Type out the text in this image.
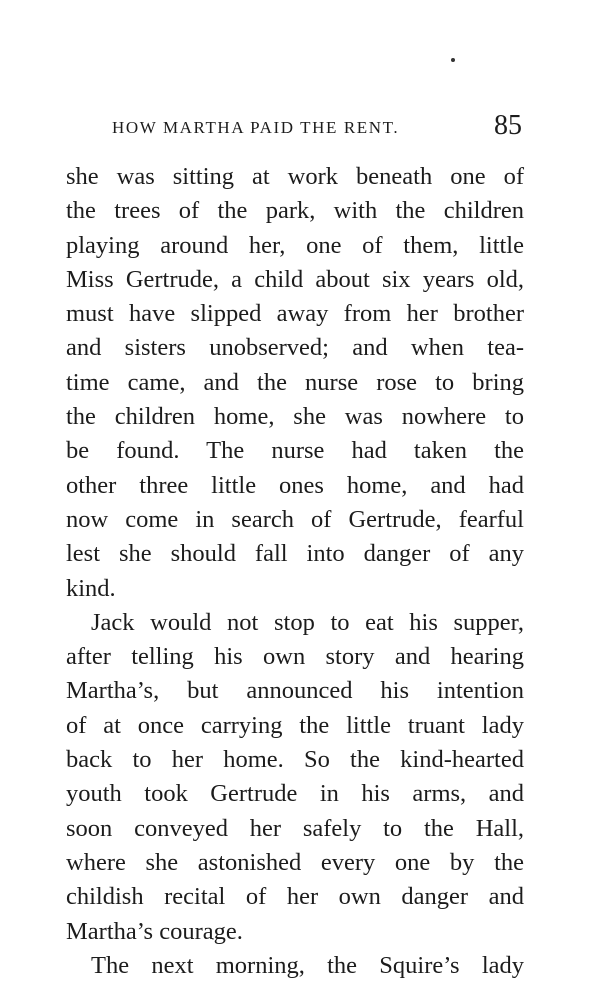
HOW MARTHA PAID THE RENT.	85
she was sitting at work beneath one of
the trees of the park, with the children
playing around her, one of them, little
Miss Gertrude, a child about six years old,
must have slipped away from her brother
and sisters unobserved; and when tea-
time came, and the nurse rose to bring
the children home, she was nowhere to
be found. The nurse had taken the
other three little ones home, and had
now come in search of Gertrude, fearful
lest she should fall into danger of any
kind.
Jack would not stop to eat his supper,
after telling his own story and hearing
Martha’s, but announced his intention
of at once carrying the little truant lady
back to her home. So the kind-hearted
youth took Gertrude in his arms, and
soon conveyed her safely to the Hall,
where she astonished every one by the
childish recital of her own danger and
Martha’s courage.
The next morning, the Squire’s lady
